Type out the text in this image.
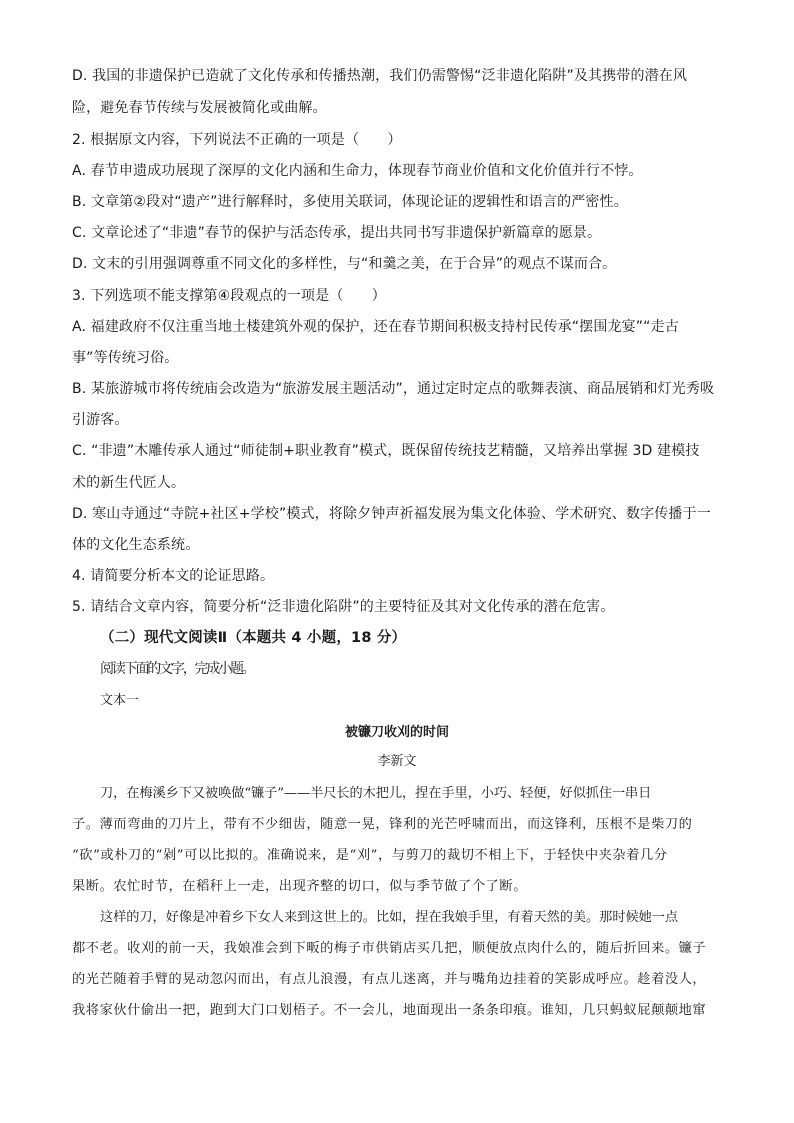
D. 我国的非遗保护已造就了文化传承和传播热潮，我们仍需警惕“泛非遗化陷阱”及其携带的潜在风
险，避免春节传续与发展被简化或曲解。
2. 根据原文内容，下列说法不正确的一项是（　　）
A. 春节申遗成功展现了深厚的文化内涵和生命力，体现春节商业价值和文化价值并行不悖。
B. 文章第②段对“遗产”进行解释时，多使用关联词，体现论证的逻辑性和语言的严密性。
C. 文章论述了“非遗”春节的保护与活态传承，提出共同书写非遗保护新篇章的愿景。
D. 文末的引用强调尊重不同文化的多样性，与“和羹之美，在于合异”的观点不谋而合。
3. 下列选项不能支撑第④段观点的一项是（　　）
A. 福建政府不仅注重当地土楼建筑外观的保护，还在春节期间积极支持村民传承“摆围龙宴”“走古
事”等传统习俗。
B. 某旅游城市将传统庙会改造为“旅游发展主题活动”，通过定时定点的歌舞表演、商品展销和灯光秀吸
引游客。
C. “非遗”木雕传承人通过“师徒制+职业教育”模式，既保留传统技艺精髓，又培养出掌握 3D 建模技
术的新生代匠人。
D. 寒山寺通过“寺院+社区+学校”模式，将除夕钟声祈福发展为集文化体验、学术研究、数字传播于一
体的文化生态系统。
4. 请简要分析本文的论证思路。
5. 请结合文章内容，简要分析“泛非遗化陷阱”的主要特征及其对文化传承的潜在危害。
（二）现代文阅读Ⅱ（本题共 4 小题，18 分）
阅读下面的文字，完成小题。
文本一
被镰刀收刈的时间
李新文
刀，在梅溪乡下又被唤做“镰子”——半尺长的木把儿，捏在手里，小巧、轻便，好似抓住一串日
子。薄而弯曲的刀片上，带有不少细齿，随意一晃，锋利的光芒呼啸而出，而这锋利，压根不是柴刀的
“砍”或朴刀的“剁”可以比拟的。准确说来，是“刈”，与剪刀的裁切不相上下，于轻快中夹杂着几分
果断。农忙时节，在稻秆上一走，出现齐整的切口，似与季节做了个了断。
这样的刀，好像是冲着乡下女人来到这世上的。比如，捏在我娘手里，有着天然的美。那时候她一点
都不老。收刈的前一天，我娘准会到下畈的梅子市供销店买几把，顺便放点肉什么的，随后折回来。镰子
的光芒随着手臂的晃动忽闪而出，有点儿浪漫，有点儿迷离，并与嘴角边挂着的笑影成呼应。趁着没人，
我将家伙什偷出一把，跑到大门口划梧子。不一会儿，地面现出一条条印痕。谁知，几只蚂蚁屁颠颠地窜
